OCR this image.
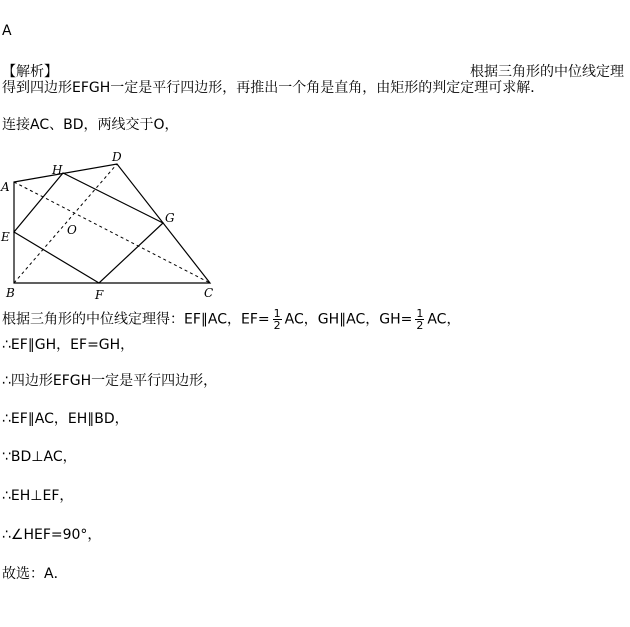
A
【解析】	根据三角形的中位线定理
得到四边形EFGH一定是平行四边形，再推出一个角是直角，由矩形的判定定理可求解．
连接AC、BD，两线交于O，
A
H
D
E	O
G
B	F	C
根据三角形的中位线定理得：EF∥AC，$EF= \frac{1}{2}$ AC，GH∥AC，$GH= \frac{1}{2}$ AC，
∴EF∥GH，EF=GH，
∴四边形EFGH一定是平行四边形，
∴EF∥AC，EH∥BD，
∵BD⊥AC，
∴EH⊥EF，
∴∠HEF=90°，
故选：A．
